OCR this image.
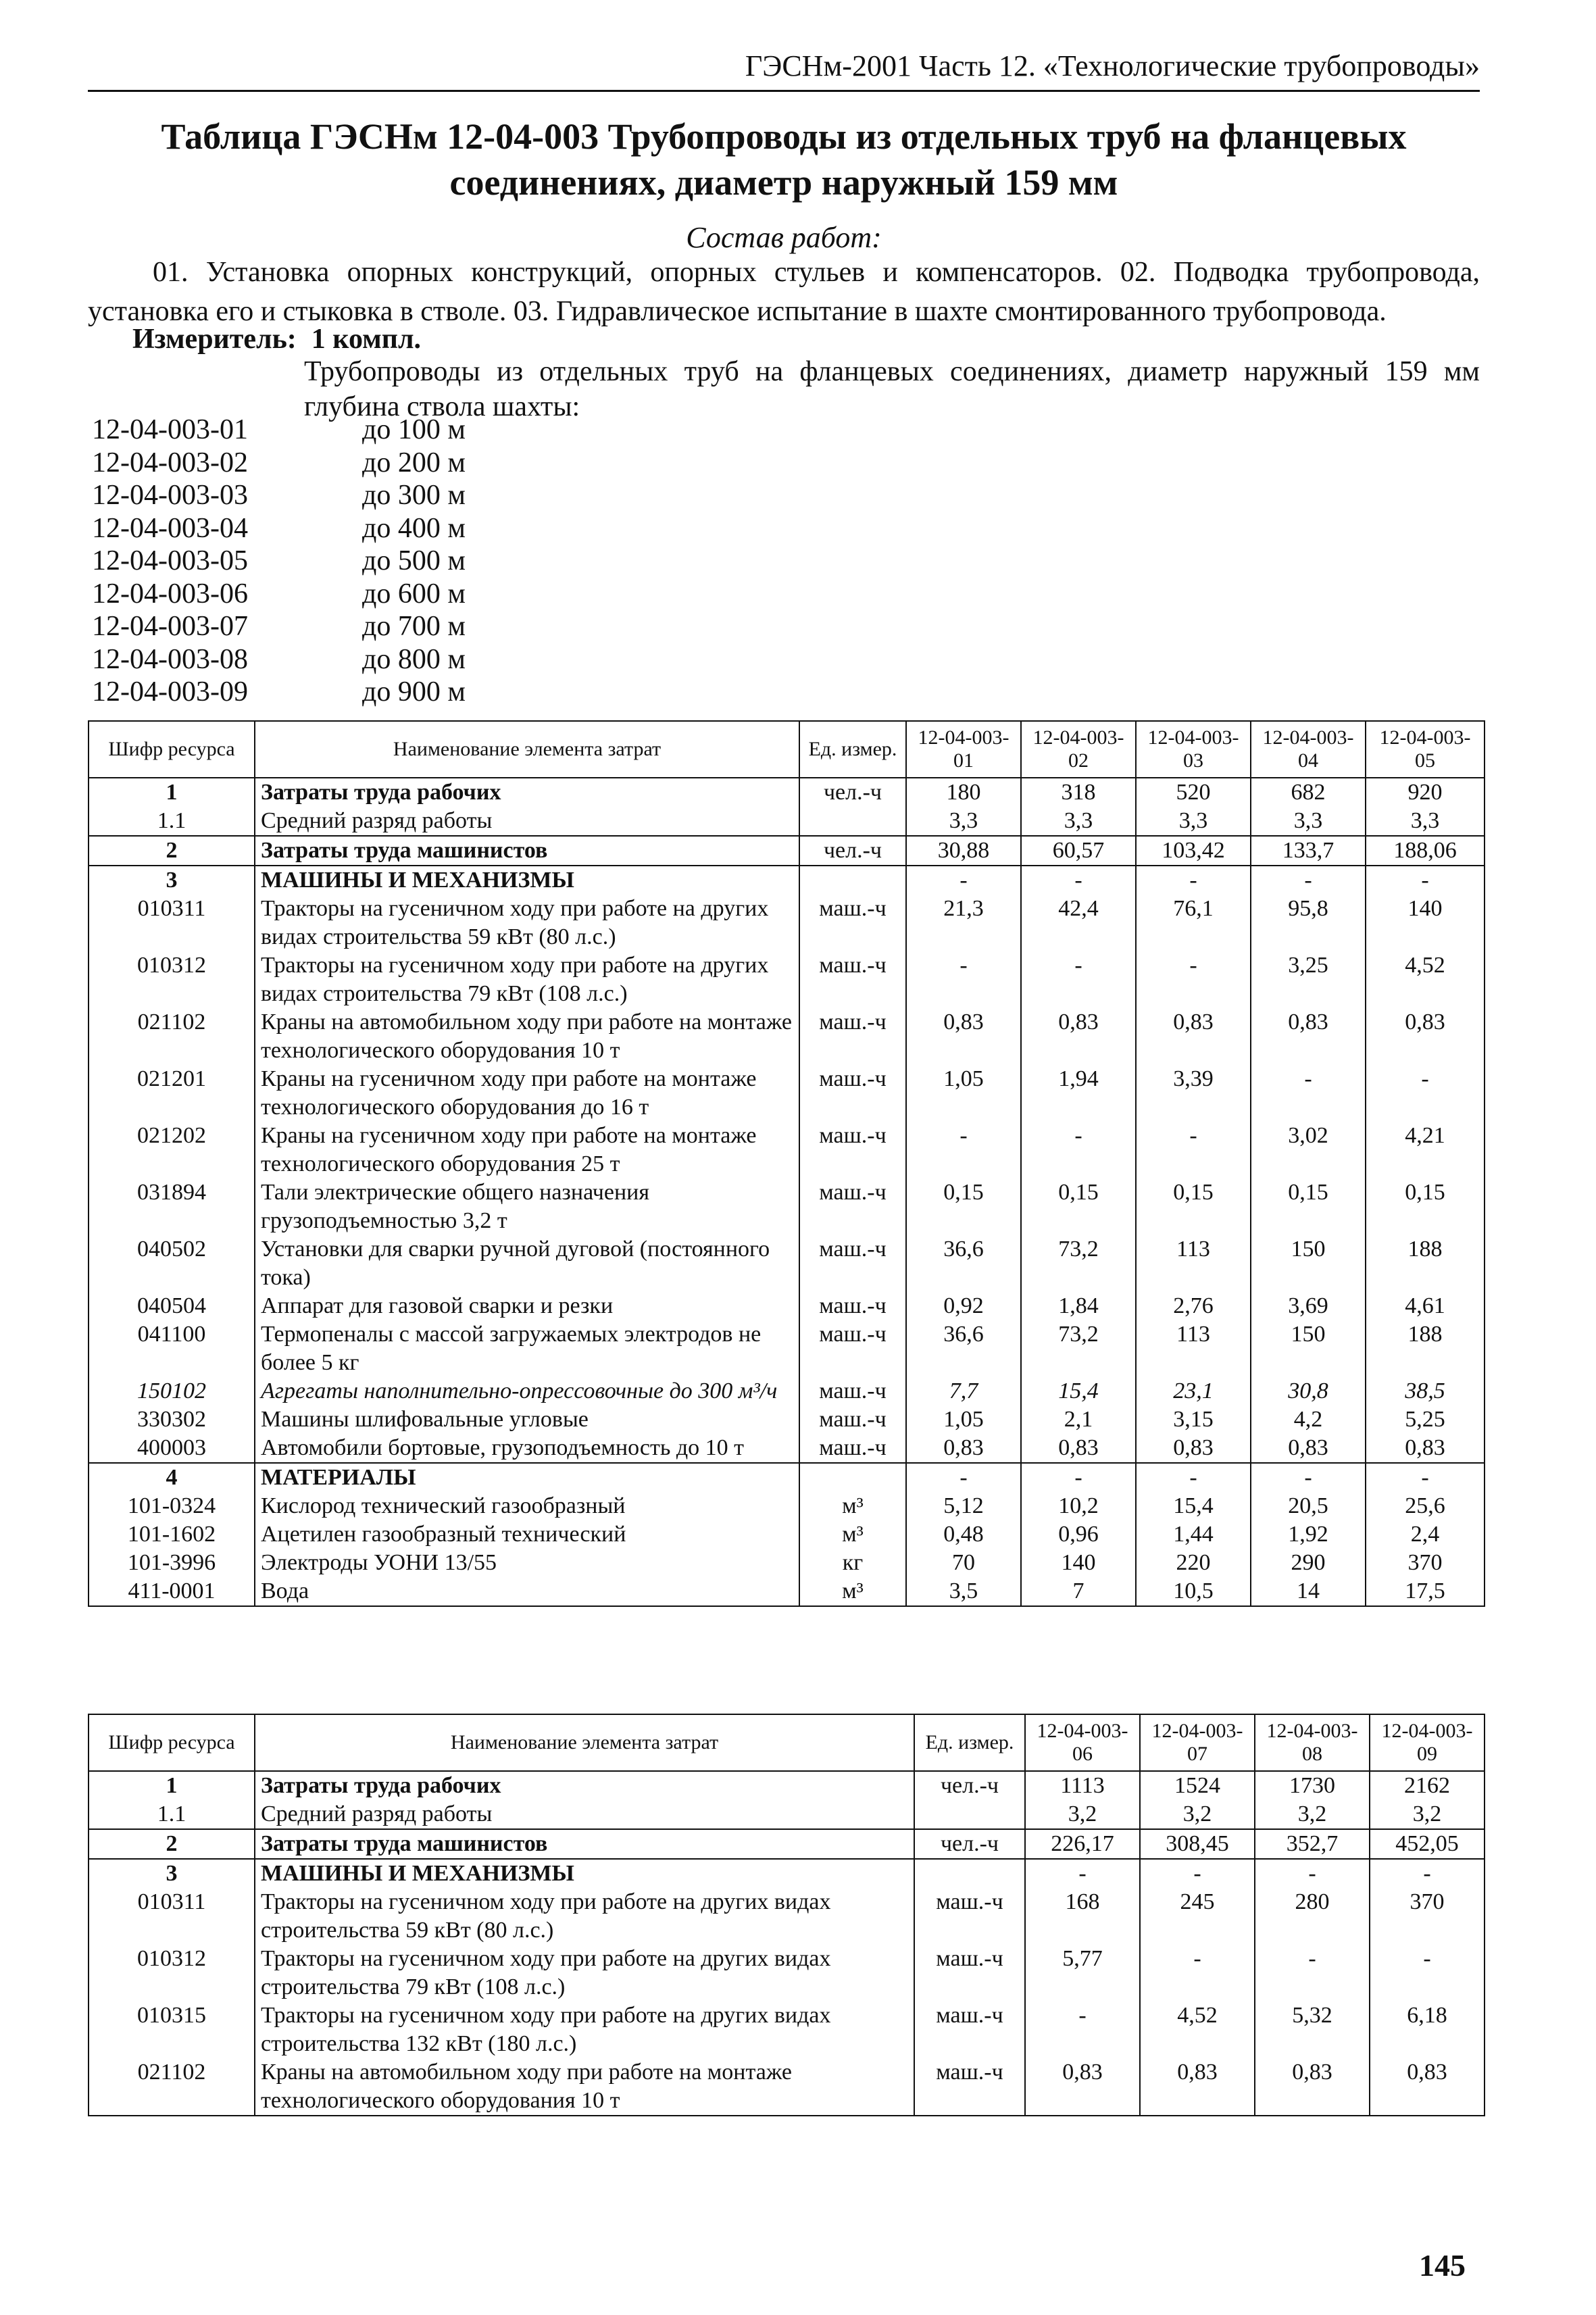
ГЭСНм-2001 Часть 12. «Технологические трубопроводы»
Таблица ГЭСНм 12-04-003 Трубопроводы из отдельных труб на фланцевых соединениях, диаметр наружный 159 мм
Состав работ:
01. Установка опорных конструкций, опорных стульев и компенсаторов. 02. Подводка трубопровода, установка его и стыковка в стволе. 03. Гидравлическое испытание в шахте смонтированного трубопровода.
Измеритель: 1 компл.
Трубопроводы из отдельных труб на фланцевых соединениях, диаметр наружный 159 мм глубина ствола шахты:
12-04-003-01	до 100 м
12-04-003-02	до 200 м
12-04-003-03	до 300 м
12-04-003-04	до 400 м
12-04-003-05	до 500 м
12-04-003-06	до 600 м
12-04-003-07	до 700 м
12-04-003-08	до 800 м
12-04-003-09	до 900 м
Шифр ресурса	Наименование элемента затрат	Ед. измер.	12-04-003-01	12-04-003-02	12-04-003-03	12-04-003-04	12-04-003-05
1	Затраты труда рабочих	чел.-ч	180	318	520	682	920
1.1	Средний разряд работы		3,3	3,3	3,3	3,3	3,3
2	Затраты труда машинистов	чел.-ч	30,88	60,57	103,42	133,7	188,06
3	МАШИНЫ И МЕХАНИЗМЫ		-	-	-	-	-
010311	Тракторы на гусеничном ходу при работе на других видах строительства 59 кВт (80 л.с.)	маш.-ч	21,3	42,4	76,1	95,8	140
010312	Тракторы на гусеничном ходу при работе на других видах строительства 79 кВт (108 л.с.)	маш.-ч	-	-	-	3,25	4,52
021102	Краны на автомобильном ходу при работе на монтаже технологического оборудования 10 т	маш.-ч	0,83	0,83	0,83	0,83	0,83
021201	Краны на гусеничном ходу при работе на монтаже технологического оборудования до 16 т	маш.-ч	1,05	1,94	3,39	-	-
021202	Краны на гусеничном ходу при работе на монтаже технологического оборудования 25 т	маш.-ч	-	-	-	3,02	4,21
031894	Тали электрические общего назначения грузоподъемностью 3,2 т	маш.-ч	0,15	0,15	0,15	0,15	0,15
040502	Установки для сварки ручной дуговой (постоянного тока)	маш.-ч	36,6	73,2	113	150	188
040504	Аппарат для газовой сварки и резки	маш.-ч	0,92	1,84	2,76	3,69	4,61
041100	Термопеналы с массой загружаемых электродов не более 5 кг	маш.-ч	36,6	73,2	113	150	188
150102	Агрегаты наполнительно-опрессовочные до 300 м³/ч	маш.-ч	7,7	15,4	23,1	30,8	38,5
330302	Машины шлифовальные угловые	маш.-ч	1,05	2,1	3,15	4,2	5,25
400003	Автомобили бортовые, грузоподъемность до 10 т	маш.-ч	0,83	0,83	0,83	0,83	0,83
4	МАТЕРИАЛЫ		-	-	-	-	-
101-0324	Кислород технический газообразный	м³	5,12	10,2	15,4	20,5	25,6
101-1602	Ацетилен газообразный технический	м³	0,48	0,96	1,44	1,92	2,4
101-3996	Электроды УОНИ 13/55	кг	70	140	220	290	370
411-0001	Вода	м³	3,5	7	10,5	14	17,5
Шифр ресурса	Наименование элемента затрат	Ед. измер.	12-04-003-06	12-04-003-07	12-04-003-08	12-04-003-09
1	Затраты труда рабочих	чел.-ч	1113	1524	1730	2162
1.1	Средний разряд работы		3,2	3,2	3,2	3,2
2	Затраты труда машинистов	чел.-ч	226,17	308,45	352,7	452,05
3	МАШИНЫ И МЕХАНИЗМЫ		-	-	-	-
010311	Тракторы на гусеничном ходу при работе на других видах строительства 59 кВт (80 л.с.)	маш.-ч	168	245	280	370
010312	Тракторы на гусеничном ходу при работе на других видах строительства 79 кВт (108 л.с.)	маш.-ч	5,77	-	-	-
010315	Тракторы на гусеничном ходу при работе на других видах строительства 132 кВт (180 л.с.)	маш.-ч	-	4,52	5,32	6,18
021102	Краны на автомобильном ходу при работе на монтаже технологического оборудования 10 т	маш.-ч	0,83	0,83	0,83	0,83
145
